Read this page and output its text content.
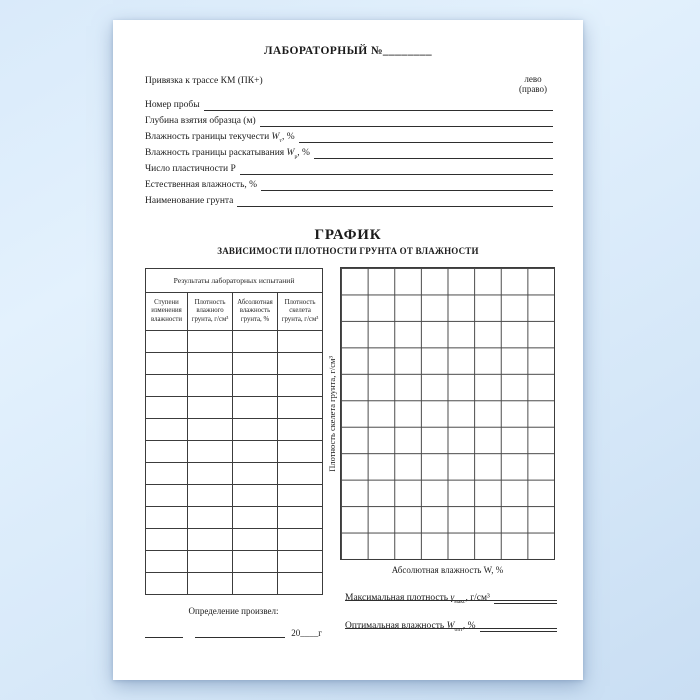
ЛАБОРАТОРНЫЙ №________
Привязка к трассе КМ (ПК+)	лево
(право)
Номер пробы
Глубина взятия образца (м)
Влажность границы текучести $W_т$, %
Влажность границы раскатывания $W_р$, %
Число пластичности Р
Естественная влажность, %
Наименование грунта
ГРАФИК
ЗАВИСИМОСТИ ПЛОТНОСТИ ГРУНТА ОТ ВЛАЖНОСТИ
Результаты лабораторных испытаний			
Ступени изменения влажности	Плотность влажного грунта, г/см³	Абсолютная влажность грунта, %	Плотность скелета грунта, г/см³

Определение произвел:
20____г
Плотность скелета грунта, г/см³
Абсолютная влажность W, %
Максимальная плотность $\gamma_{макс}$, г/см³
Оптимальная влажность $W_{опт}$, %
